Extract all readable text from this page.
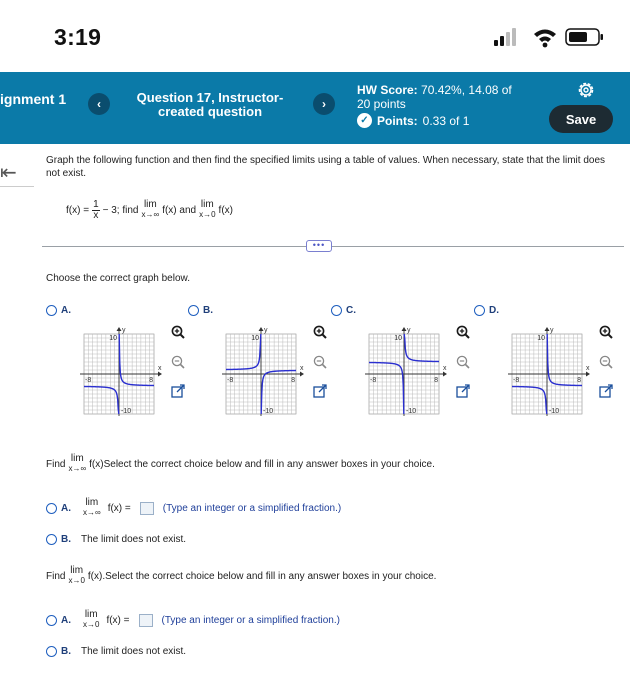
3:19
ignment 1	‹	Question 17, Instructor-
created question	›
HW Score: 70.42%, 14.08 of
20 points
✓ Points: 0.33 of 1	Save
⇤
Graph the following function and then find the specified limits using a table of values. When necessary, state that the limit does not exist.
$f(x) = \frac{1}{x} - 3$; find lim
x→∞ f(x) and lim
x→0 f(x)
•••
Choose the correct graph below.
A.
y
x
10
-10
-8	8
B.
y
x
10
-10
-8	8
C.
y
x
10
-10
-8	8
D.
y
x
10
-10
-8	8
Find lim
x→∞ f(x)Select the correct choice below and fill in any answer boxes in your choice.
A. lim
x→∞ f(x) =	(Type an integer or a simplified fraction.)
B. The limit does not exist.
Find lim
x→0 f(x).Select the correct choice below and fill in any answer boxes in your choice.
A. lim
x→0 f(x) =	(Type an integer or a simplified fraction.)
B. The limit does not exist.
